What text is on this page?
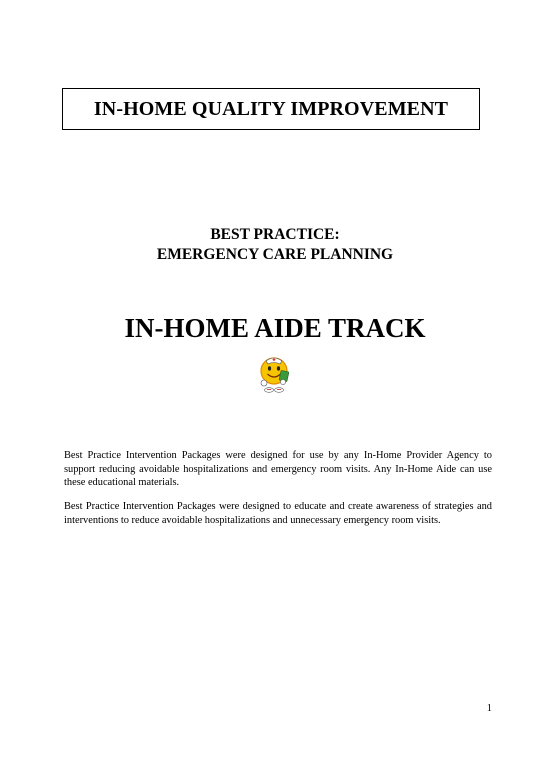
IN-HOME QUALITY IMPROVEMENT
BEST PRACTICE:
EMERGENCY CARE PLANNING
IN-HOME AIDE TRACK

Best Practice Intervention Packages were designed for use by any In-Home Provider Agency to support reducing avoidable hospitalizations and emergency room visits. Any In-Home Aide can use these educational materials.

Best Practice Intervention Packages were designed to educate and create awareness of strategies and interventions to reduce avoidable hospitalizations and unnecessary emergency room visits.

1
